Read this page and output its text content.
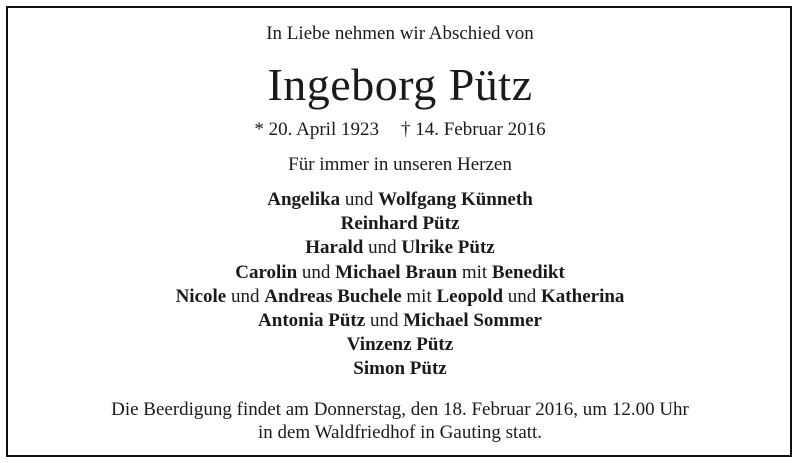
In Liebe nehmen wir Abschied von
Ingeborg Pütz
* 20. April 1923 † 14. Februar 2016
Für immer in unseren Herzen
Angelika und Wolfgang Künneth
Reinhard Pütz
Harald und Ulrike Pütz
Carolin und Michael Braun mit Benedikt
Nicole und Andreas Buchele mit Leopold und Katherina
Antonia Pütz und Michael Sommer
Vinzenz Pütz
Simon Pütz
Die Beerdigung findet am Donnerstag, den 18. Februar 2016, um 12.00 Uhr
in dem Waldfriedhof in Gauting statt.
